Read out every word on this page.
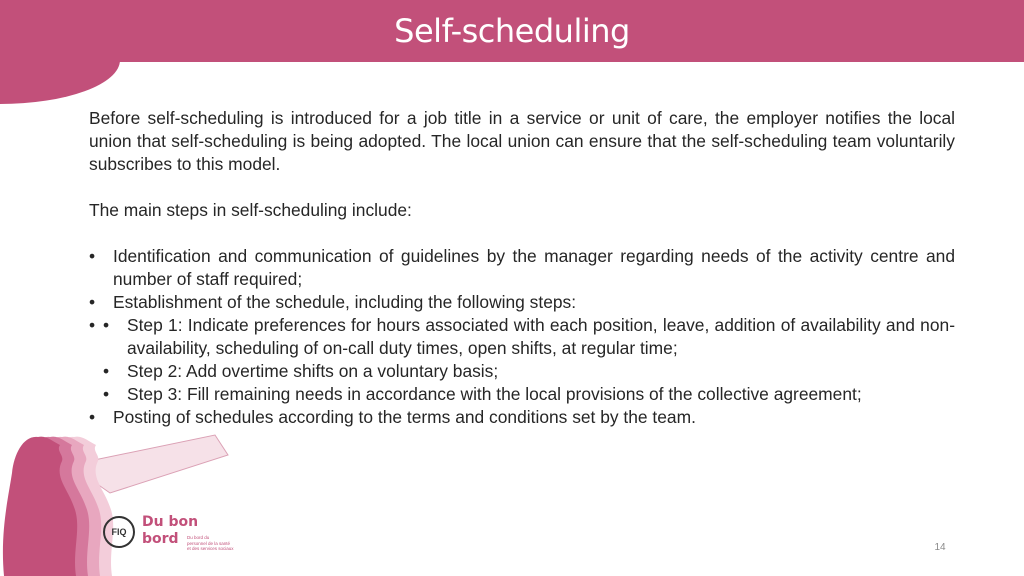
Self-scheduling

Before self-scheduling is introduced for a job title in a service or unit of care, the employer notifies the local union that self-scheduling is being adopted. The local union can ensure that the self-scheduling team voluntarily subscribes to this model.

The main steps in self-scheduling include:

• Identification and communication of guidelines by the manager regarding needs of the activity centre and number of staff required;
• Establishment of the schedule, including the following steps:
• • Step 1: Indicate preferences for hours associated with each position, leave, addition of availability and non-availability, scheduling of on-call duty times, open shifts, at regular time;
• Step 2: Add overtime shifts on a voluntary basis;
• Step 3: Fill remaining needs in accordance with the local provisions of the collective agreement;
• Posting of schedules according to the terms and conditions set by the team.
FIQ
Du bon
bord	Du bord du
personnel de la santé
et des services sociaux	14
